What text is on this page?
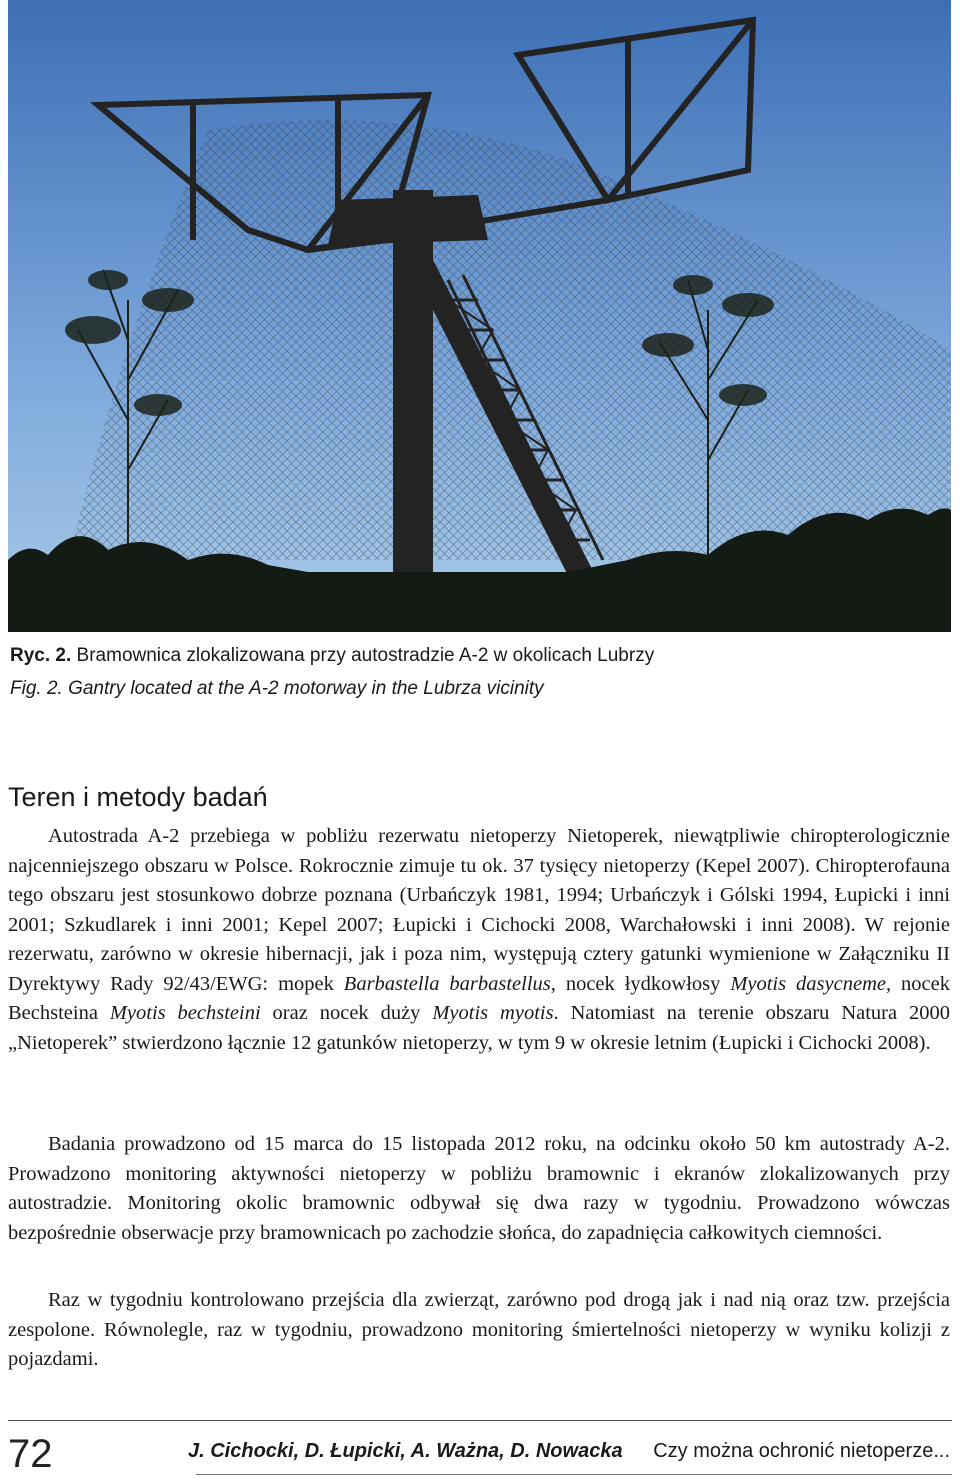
Ryc. 2. Bramownica zlokalizowana przy autostradzie A-2 w okolicach Lubrzy
Fig. 2. Gantry located at the A-2 motorway in the Lubrza vicinity
Teren i metody badań

Autostrada A-2 przebiega w pobliżu rezerwatu nietoperzy Nietoperek, niewątpliwie chiropterologicznie najcenniejszego obszaru w Polsce. Rokrocznie zimuje tu ok. 37 tysięcy nietoperzy (Kepel 2007). Chiropterofauna tego obszaru jest stosunkowo dobrze poznana (Urbańczyk 1981, 1994; Urbańczyk i Gólski 1994, Łupicki i inni 2001; Szkudlarek i inni 2001; Kepel 2007; Łupicki i Cichocki 2008, Warchałowski i inni 2008). W rejonie rezerwatu, zarówno w okresie hibernacji, jak i poza nim, występują cztery gatunki wymienione w Załączniku II Dyrektywy Rady 92/43/EWG: mopek Barbastella barbastellus, nocek łydkowłosy Myotis dasycneme, nocek Bechsteina Myotis bechsteini oraz nocek duży Myotis myotis. Natomiast na terenie obszaru Natura 2000 „Nietoperek” stwierdzono łącznie 12 gatunków nietoperzy, w tym 9 w okresie letnim (Łupicki i Cichocki 2008).

Badania prowadzono od 15 marca do 15 listopada 2012 roku, na odcinku około 50 km autostrady A-2. Prowadzono monitoring aktywności nietoperzy w pobliżu bramownic i ekranów zlokalizowanych przy autostradzie. Monitoring okolic bramownic odbywał się dwa razy w tygodniu. Prowadzono wówczas bezpośrednie obserwacje przy bramownicach po zachodzie słońca, do zapadnięcia całkowitych ciemności.

Raz w tygodniu kontrolowano przejścia dla zwierząt, zarówno pod drogą jak i nad nią oraz tzw. przejścia zespolone. Równolegle, raz w tygodniu, prowadzono monitoring śmiertelności nietoperzy w wyniku kolizji z pojazdami.

72	J. Cichocki, D. Łupicki, A. Ważna, D. Nowacka Czy można ochronić nietoperze...
